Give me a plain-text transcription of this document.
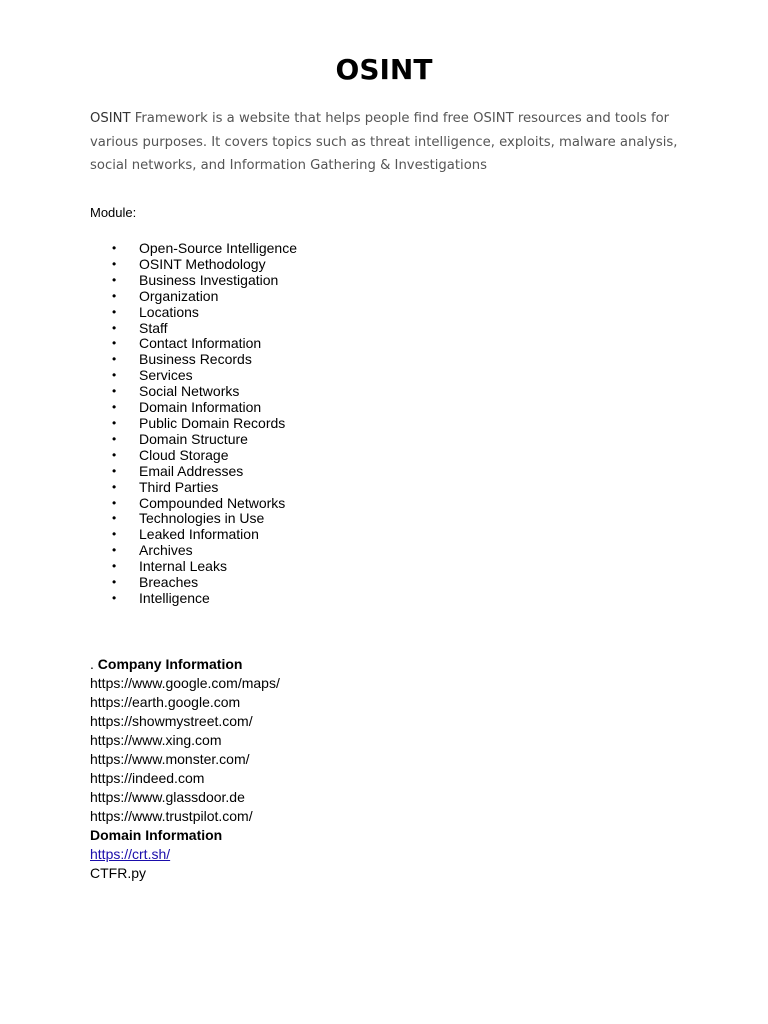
OSINT
OSINT Framework is a website that helps people find free OSINT resources and tools for various purposes. It covers topics such as threat intelligence, exploits, malware analysis, social networks, and Information Gathering & Investigations
Module:
• Open-Source Intelligence
• OSINT Methodology
• Business Investigation
• Organization
• Locations
• Staff
• Contact Information
• Business Records
• Services
• Social Networks
• Domain Information
• Public Domain Records
• Domain Structure
• Cloud Storage
• Email Addresses
• Third Parties
• Compounded Networks
• Technologies in Use
• Leaked Information
• Archives
• Internal Leaks
• Breaches
• Intelligence
. Company Information
https://www.google.com/maps/
https://earth.google.com
https://showmystreet.com/
https://www.xing.com
https://www.monster.com/
https://indeed.com
https://www.glassdoor.de
https://www.trustpilot.com/
Domain Information
https://crt.sh/
CTFR.py
